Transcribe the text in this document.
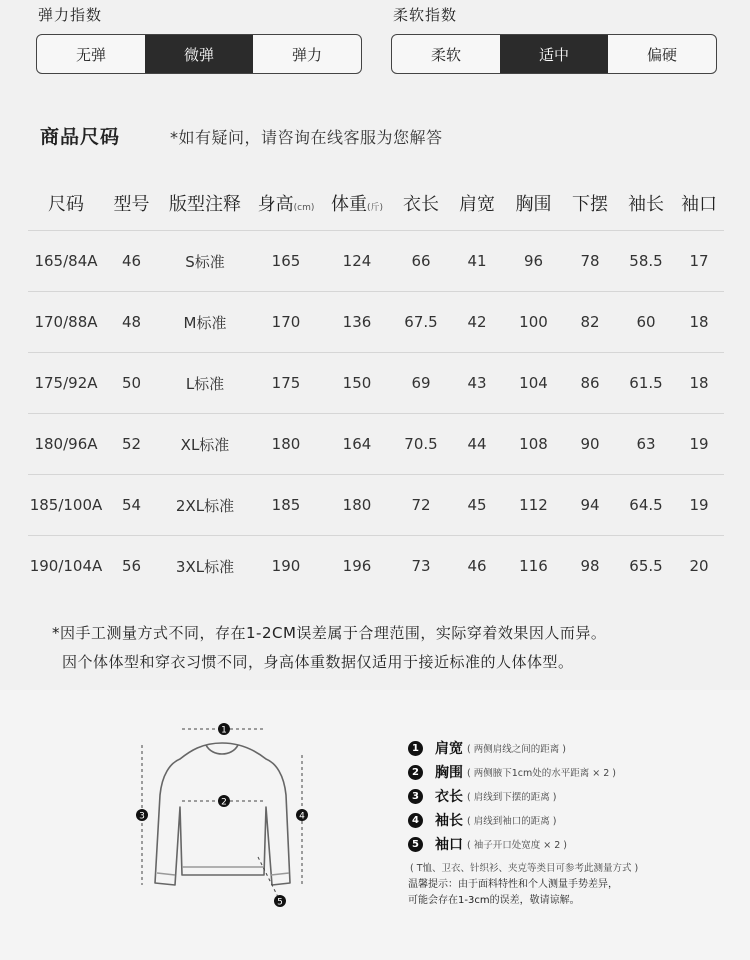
弹力指数
无弹	微弹	弹力
柔软指数
柔软	适中	偏硬
商品尺码	*如有疑问，请咨询在线客服为您解答
尺码	型号	版型注释	身高(cm)	体重(斤)	衣长	肩宽	胸围	下摆	袖长	袖口
165/84A	46	S标准	165	124	66	41	96	78	58.5	17
170/88A	48	M标准	170	136	67.5	42	100	82	60	18
175/92A	50	L标准	175	150	69	43	104	86	61.5	18
180/96A	52	XL标准	180	164	70.5	44	108	90	63	19
185/100A	54	2XL标准	185	180	72	45	112	94	64.5	19
190/104A	56	3XL标准	190	196	73	46	116	98	65.5	20
*因手工测量方式不同，存在1-2CM误差属于合理范围，实际穿着效果因人而异。
因个体体型和穿衣习惯不同，身高体重数据仅适用于接近标准的人体体型。
1
2
3	4
5
1 肩宽 ( 两侧肩线之间的距离 )
2 胸围 ( 两侧腋下1cm处的水平距离 × 2 )
3 衣长 ( 肩线到下摆的距离 )
4 袖长 ( 肩线到袖口的距离 )
5 袖口 ( 袖子开口处宽度 × 2 )
( T恤、卫衣、针织衫、夹克等类目可参考此测量方式 )
温馨提示：由于面料特性和个人测量手势差异，
可能会存在1-3cm的误差，敬请谅解。
